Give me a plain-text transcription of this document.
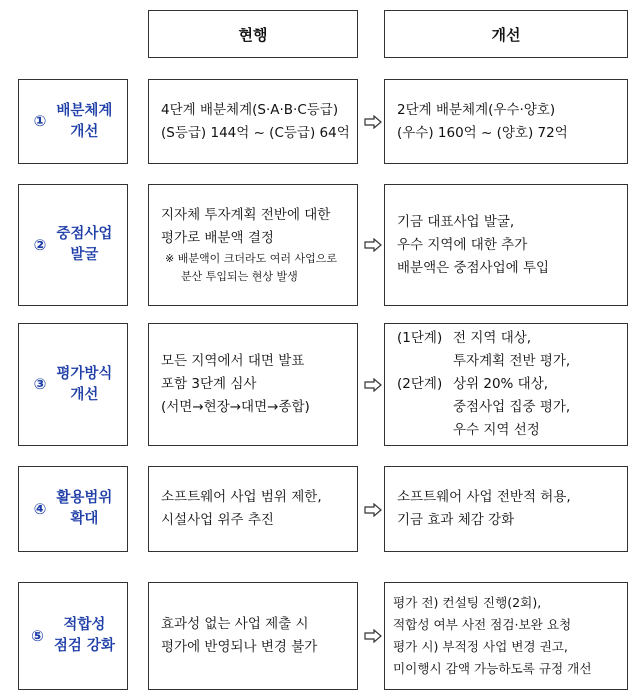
현행	개선
①
배분체계
개선
4단계 배분체계(S·A·B·C등급)
(S등급) 144억 ~ (C등급) 64억
2단계 배분체계(우수·양호)
(우수) 160억 ~ (양호) 72억
②
중점사업
발굴
지자체 투자계획 전반에 대한
평가로 배분액 결정
※ 배분액이 크더라도 여러 사업으로
분산 투입되는 현상 발생
기금 대표사업 발굴,
우수 지역에 대한 추가
배분액은 중점사업에 투입
③
평가방식
개선
모든 지역에서 대면 발표
포함 3단계 심사
(서면→현장→대면→종합)
(1단계) 전 지역 대상,
투자계획 전반 평가,
(2단계) 상위 20% 대상,
중점사업 집중 평가,
우수 지역 선정
④
활용범위
확대
소프트웨어 사업 범위 제한,
시설사업 위주 추진
소프트웨어 사업 전반적 허용,
기금 효과 체감 강화
⑤
적합성
점검 강화
효과성 없는 사업 제출 시
평가에 반영되나 변경 불가
평가 전) 컨설팅 진행(2회),
적합성 여부 사전 점검·보완 요청
평가 시) 부적정 사업 변경 권고,
미이행시 감액 가능하도록 규정 개선
